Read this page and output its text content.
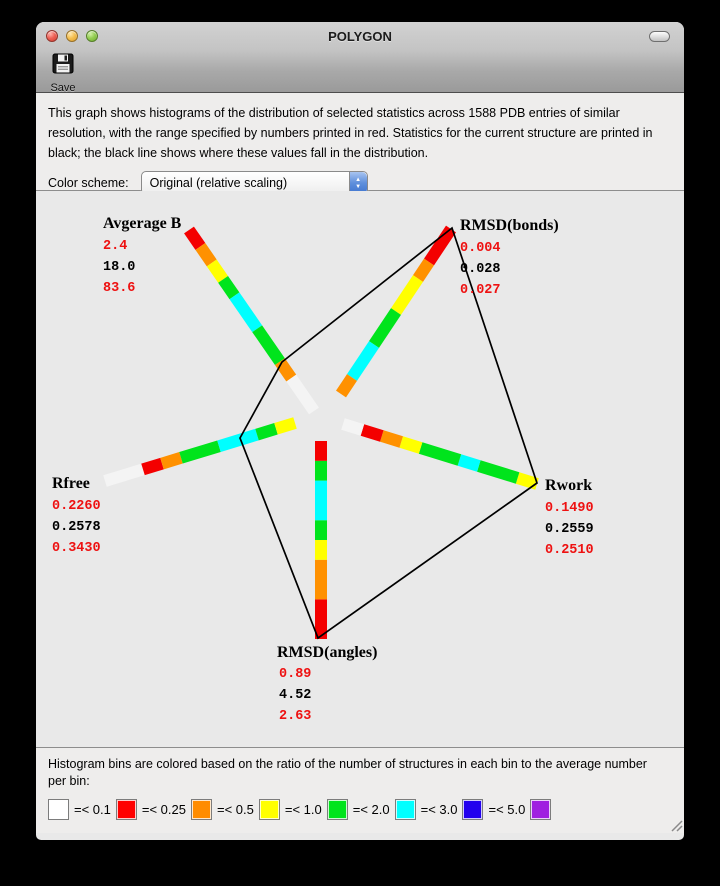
POLYGON
Save

This graph shows histograms of the distribution of selected statistics across 1588 PDB entries of similar resolution, with the range specified by numbers printed in red. Statistics for the current structure are printed in black; the black line shows where these values fall in the distribution.

Color scheme:	Original (relative scaling)	▲
▼
Avgerage B
2.4
18.0
83.6
RMSD(bonds)
0.004
0.028
0.027
Rwork
0.1490
0.2559
0.2510
RMSD(angles)
0.89
4.52
2.63
Rfree
0.2260
0.2578
0.3430

Histogram bins are colored based on the ratio of the number of structures in each bin to the average number per bin:

=< 0.1 =< 0.25 =< 0.5 =< 1.0 =< 2.0 =< 3.0 =< 5.0
